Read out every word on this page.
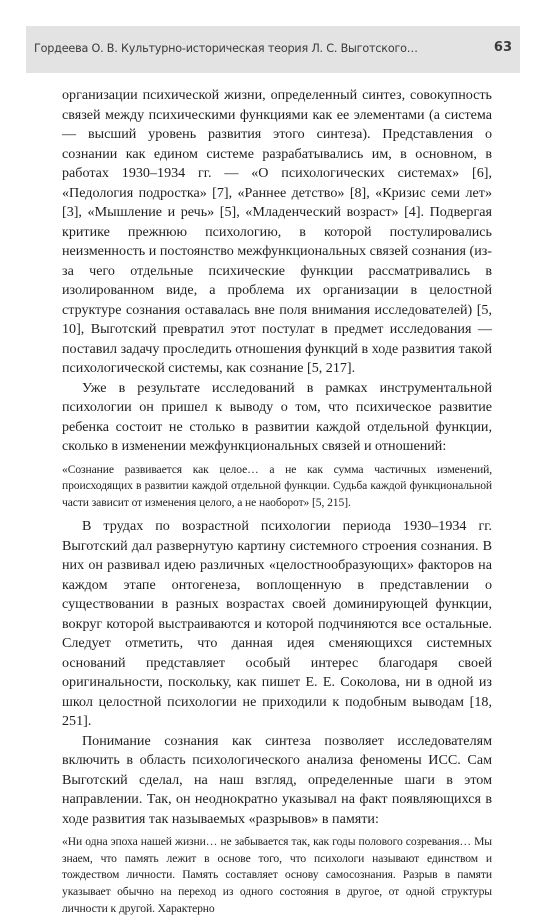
Гордеева О. В. Культурно-историческая теория Л. С. Выготского…	63

организации психической жизни, определенный синтез, совокупность связей между психическими функциями как ее элементами (а система — высший уровень развития этого синтеза). Представления о сознании как едином системе разрабатывались им, в основном, в работах 1930–1934 гг. — «О психологических системах» [6], «Педология подростка» [7], «Раннее детство» [8], «Кризис семи лет» [3], «Мышление и речь» [5], «Младенческий возраст» [4]. Подвергая критике прежнюю психологию, в которой постулировались неизменность и постоянство межфункциональных связей сознания (из-за чего отдельные психические функции рассматривались в изолированном виде, а проблема их организации в целостной структуре сознания оставалась вне поля внимания исследователей) [5, 10], Выготский превратил этот постулат в предмет исследования — поставил задачу проследить отношения функций в ходе развития такой психологической системы, как сознание [5, 217].

Уже в результате исследований в рамках инструментальной психологии он пришел к выводу о том, что психическое развитие ребенка состоит не столько в развитии каждой отдельной функции, сколько в изменении межфункциональных связей и отношений:

«Сознание развивается как целое… а не как сумма частичных изменений, происходящих в развитии каждой отдельной функции. Судьба каждой функциональной части зависит от изменения целого, а не наоборот» [5, 215].

В трудах по возрастной психологии периода 1930–1934 гг. Выготский дал развернутую картину системного строения сознания. В них он развивал идею различных «целостнообразующих» факторов на каждом этапе онтогенеза, воплощенную в представлении о существовании в разных возрастах своей доминирующей функции, вокруг которой выстраиваются и которой подчиняются все остальные. Следует отметить, что данная идея сменяющихся системных оснований представляет особый интерес благодаря своей оригинальности, поскольку, как пишет Е. Е. Соколова, ни в одной из школ целостной психологии не приходили к подобным выводам [18, 251].

Понимание сознания как синтеза позволяет исследователям включить в область психологического анализа феномены ИСС. Сам Выготский сделал, на наш взгляд, определенные шаги в этом направлении. Так, он неоднократно указывал на факт появляющихся в ходе развития так называемых «разрывов» в памяти:

«Ни одна эпоха нашей жизни… не забывается так, как годы полового созревания… Мы знаем, что память лежит в основе того, что психологи называют единством и тождеством личности. Память составляет основу самосознания. Разрыв в памяти указывает обычно на переход из одного состояния в другое, от одной структуры личности к другой. Характерно
